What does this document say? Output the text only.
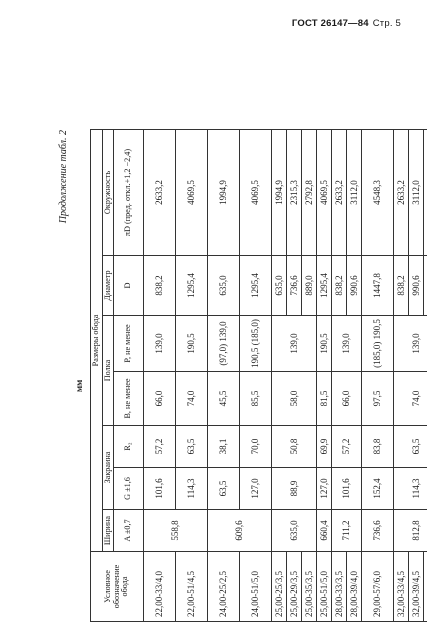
ГОСТ 26147—84 Стр. 5
Продолжение табл. 2
мм
Условное обозначение обода	Размеры обода						
	Ширина	Закраина		Полка		Диаметр	Окружность
	A ±0,7	G ±1,6	R₂	B, не менее	P, не менее	D	πD (пред. откл.+1,2 −2,4)
22,00-33/4,0	558,8	101,6	57,2	66,0	139,0	838,2	2633,2
22,00-51/4,5		114,3	63,5	74,0	190,5	1295,4	4069,5
24,00-25/2,5	609,6	63,5	38,1	45,5	(97,0) 139,0	635,0	1994,9
24,00-51/5,0		127,0	70,0	85,5	190,5 (185,0)	1295,4	4069,5
25,00-25/3,5	635,0	88,9	50,8	58,0	139,0	635,0	1994,9
25,00-29/3,5						736,6	2315,3
25,00-35/3,5						889,0	2792,8
25,00-51/5,0	660,4	127,0	69,9	81,5	190,5	1295,4	4069,5
28,00-33/3,5	711,2	101,6	57,2	66,0	139,0	838,2	2633,2
28,00-39/4,0						990,6	3112,0
29,00-57/6,0	736,6	152,4	83,8	97,5	(185,0) 190,5	1447,8	4548,3
32,00-33/4,5	812,8	114,3	63,5	74,0	139,0	838,2	2633,2
32,00-39/4,5						990,6	3112,0
